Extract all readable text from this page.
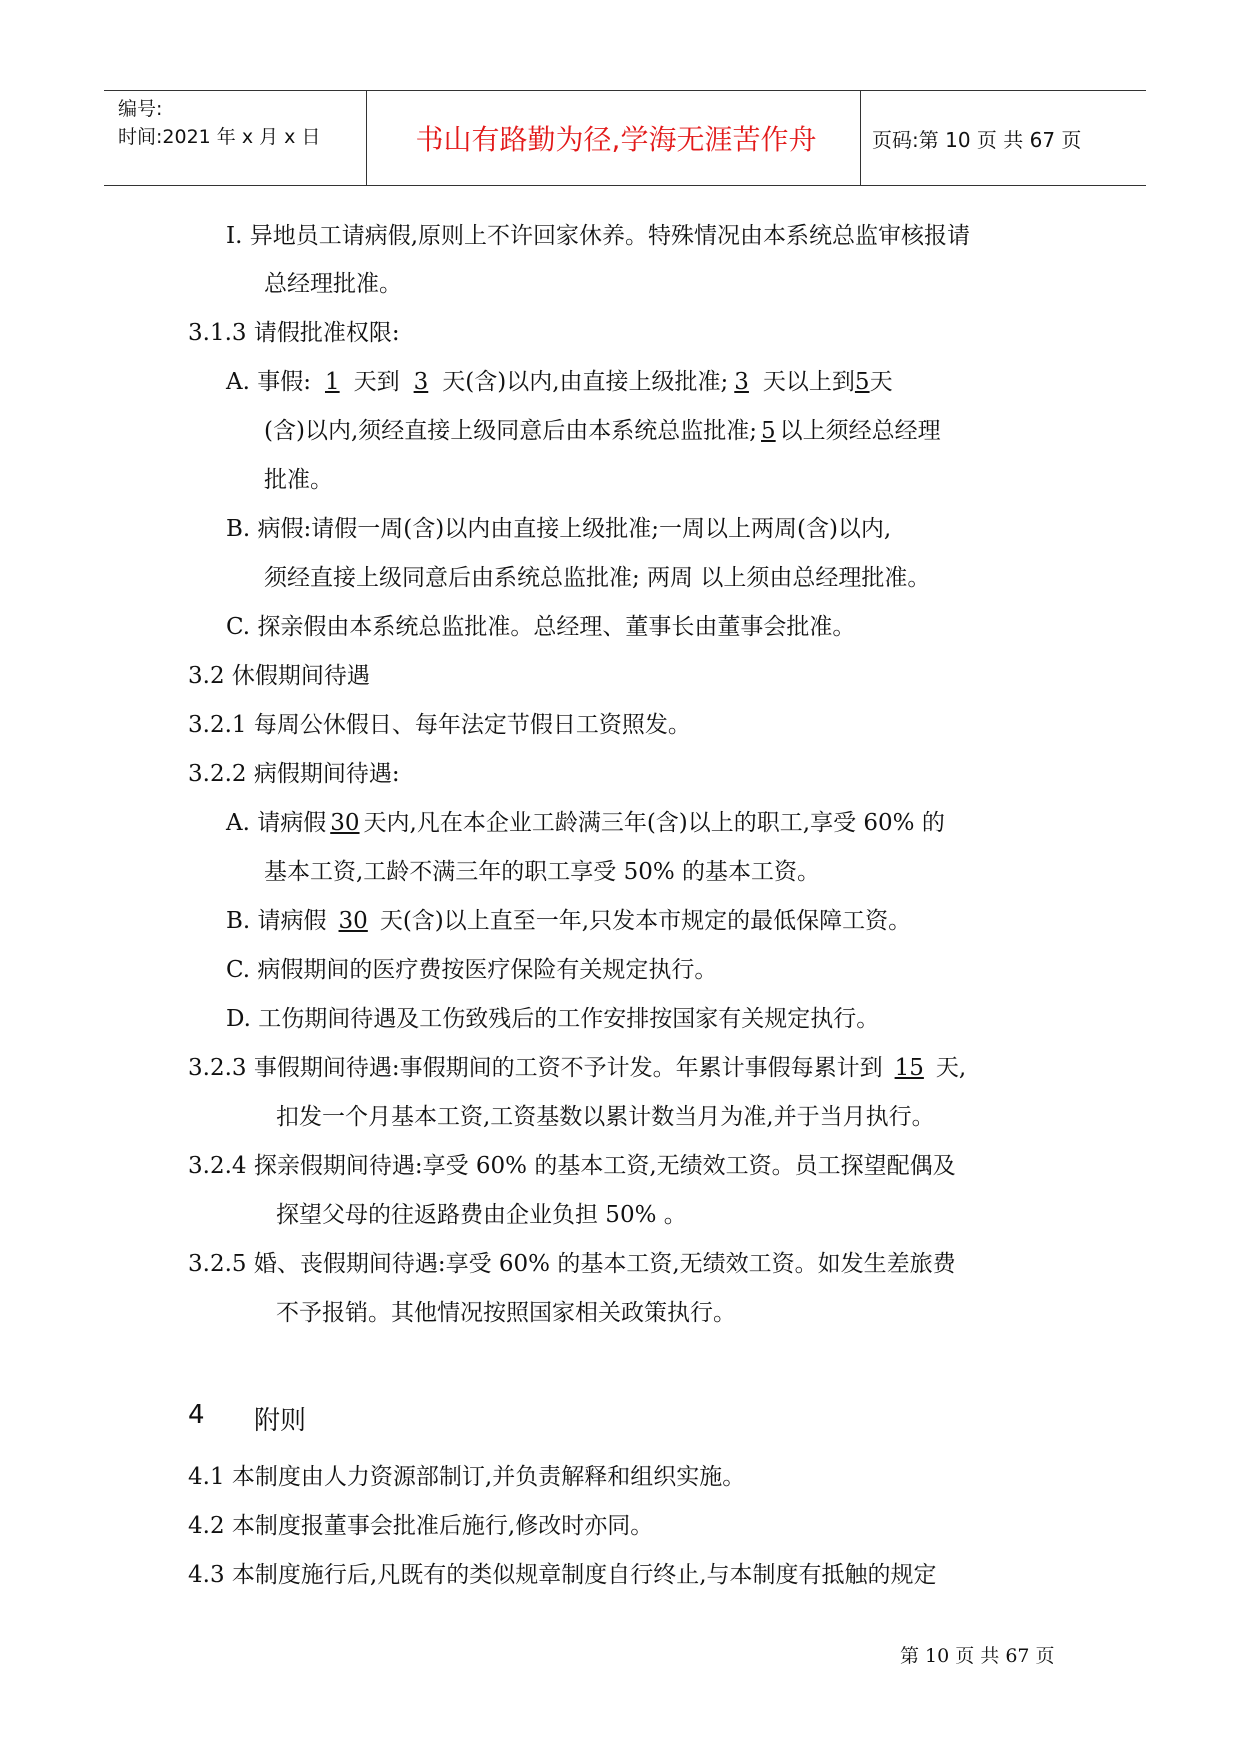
编号:
时间:2021 年 x 月 x 日	书山有路勤为径,学海无涯苦作舟	页码:第 10 页 共 67 页
I. 异地员工请病假,原则上不许回家休养。特殊情况由本系统总监审核报请
总经理批准。
3.1.3 请假批准权限:
A. 事假: 1 天到 3 天(含)以内,由直接上级批准; 3 天以上到5天
(含)以内,须经直接上级同意后由本系统总监批准; 5 以上须经总经理
批准。
B. 病假:请假一周(含)以内由直接上级批准;一周以上两周(含)以内,
须经直接上级同意后由系统总监批准; 两周 以上须由总经理批准。
C. 探亲假由本系统总监批准。总经理、董事长由董事会批准。
3.2 休假期间待遇
3.2.1 每周公休假日、每年法定节假日工资照发。
3.2.2 病假期间待遇:
A. 请病假 30 天内,凡在本企业工龄满三年(含)以上的职工,享受 60% 的
基本工资,工龄不满三年的职工享受 50% 的基本工资。
B. 请病假 30 天(含)以上直至一年,只发本市规定的最低保障工资。
C. 病假期间的医疗费按医疗保险有关规定执行。
D. 工伤期间待遇及工伤致残后的工作安排按国家有关规定执行。
3.2.3 事假期间待遇:事假期间的工资不予计发。年累计事假每累计到 15 天,
扣发一个月基本工资,工资基数以累计数当月为准,并于当月执行。
3.2.4 探亲假期间待遇:享受 60% 的基本工资,无绩效工资。员工探望配偶及
探望父母的往返路费由企业负担 50% 。
3.2.5 婚、丧假期间待遇:享受 60% 的基本工资,无绩效工资。如发生差旅费
不予报销。其他情况按照国家相关政策执行。
4 附则
4.1 本制度由人力资源部制订,并负责解释和组织实施。
4.2 本制度报董事会批准后施行,修改时亦同。
4.3 本制度施行后,凡既有的类似规章制度自行终止,与本制度有抵触的规定
第 10 页 共 67 页
